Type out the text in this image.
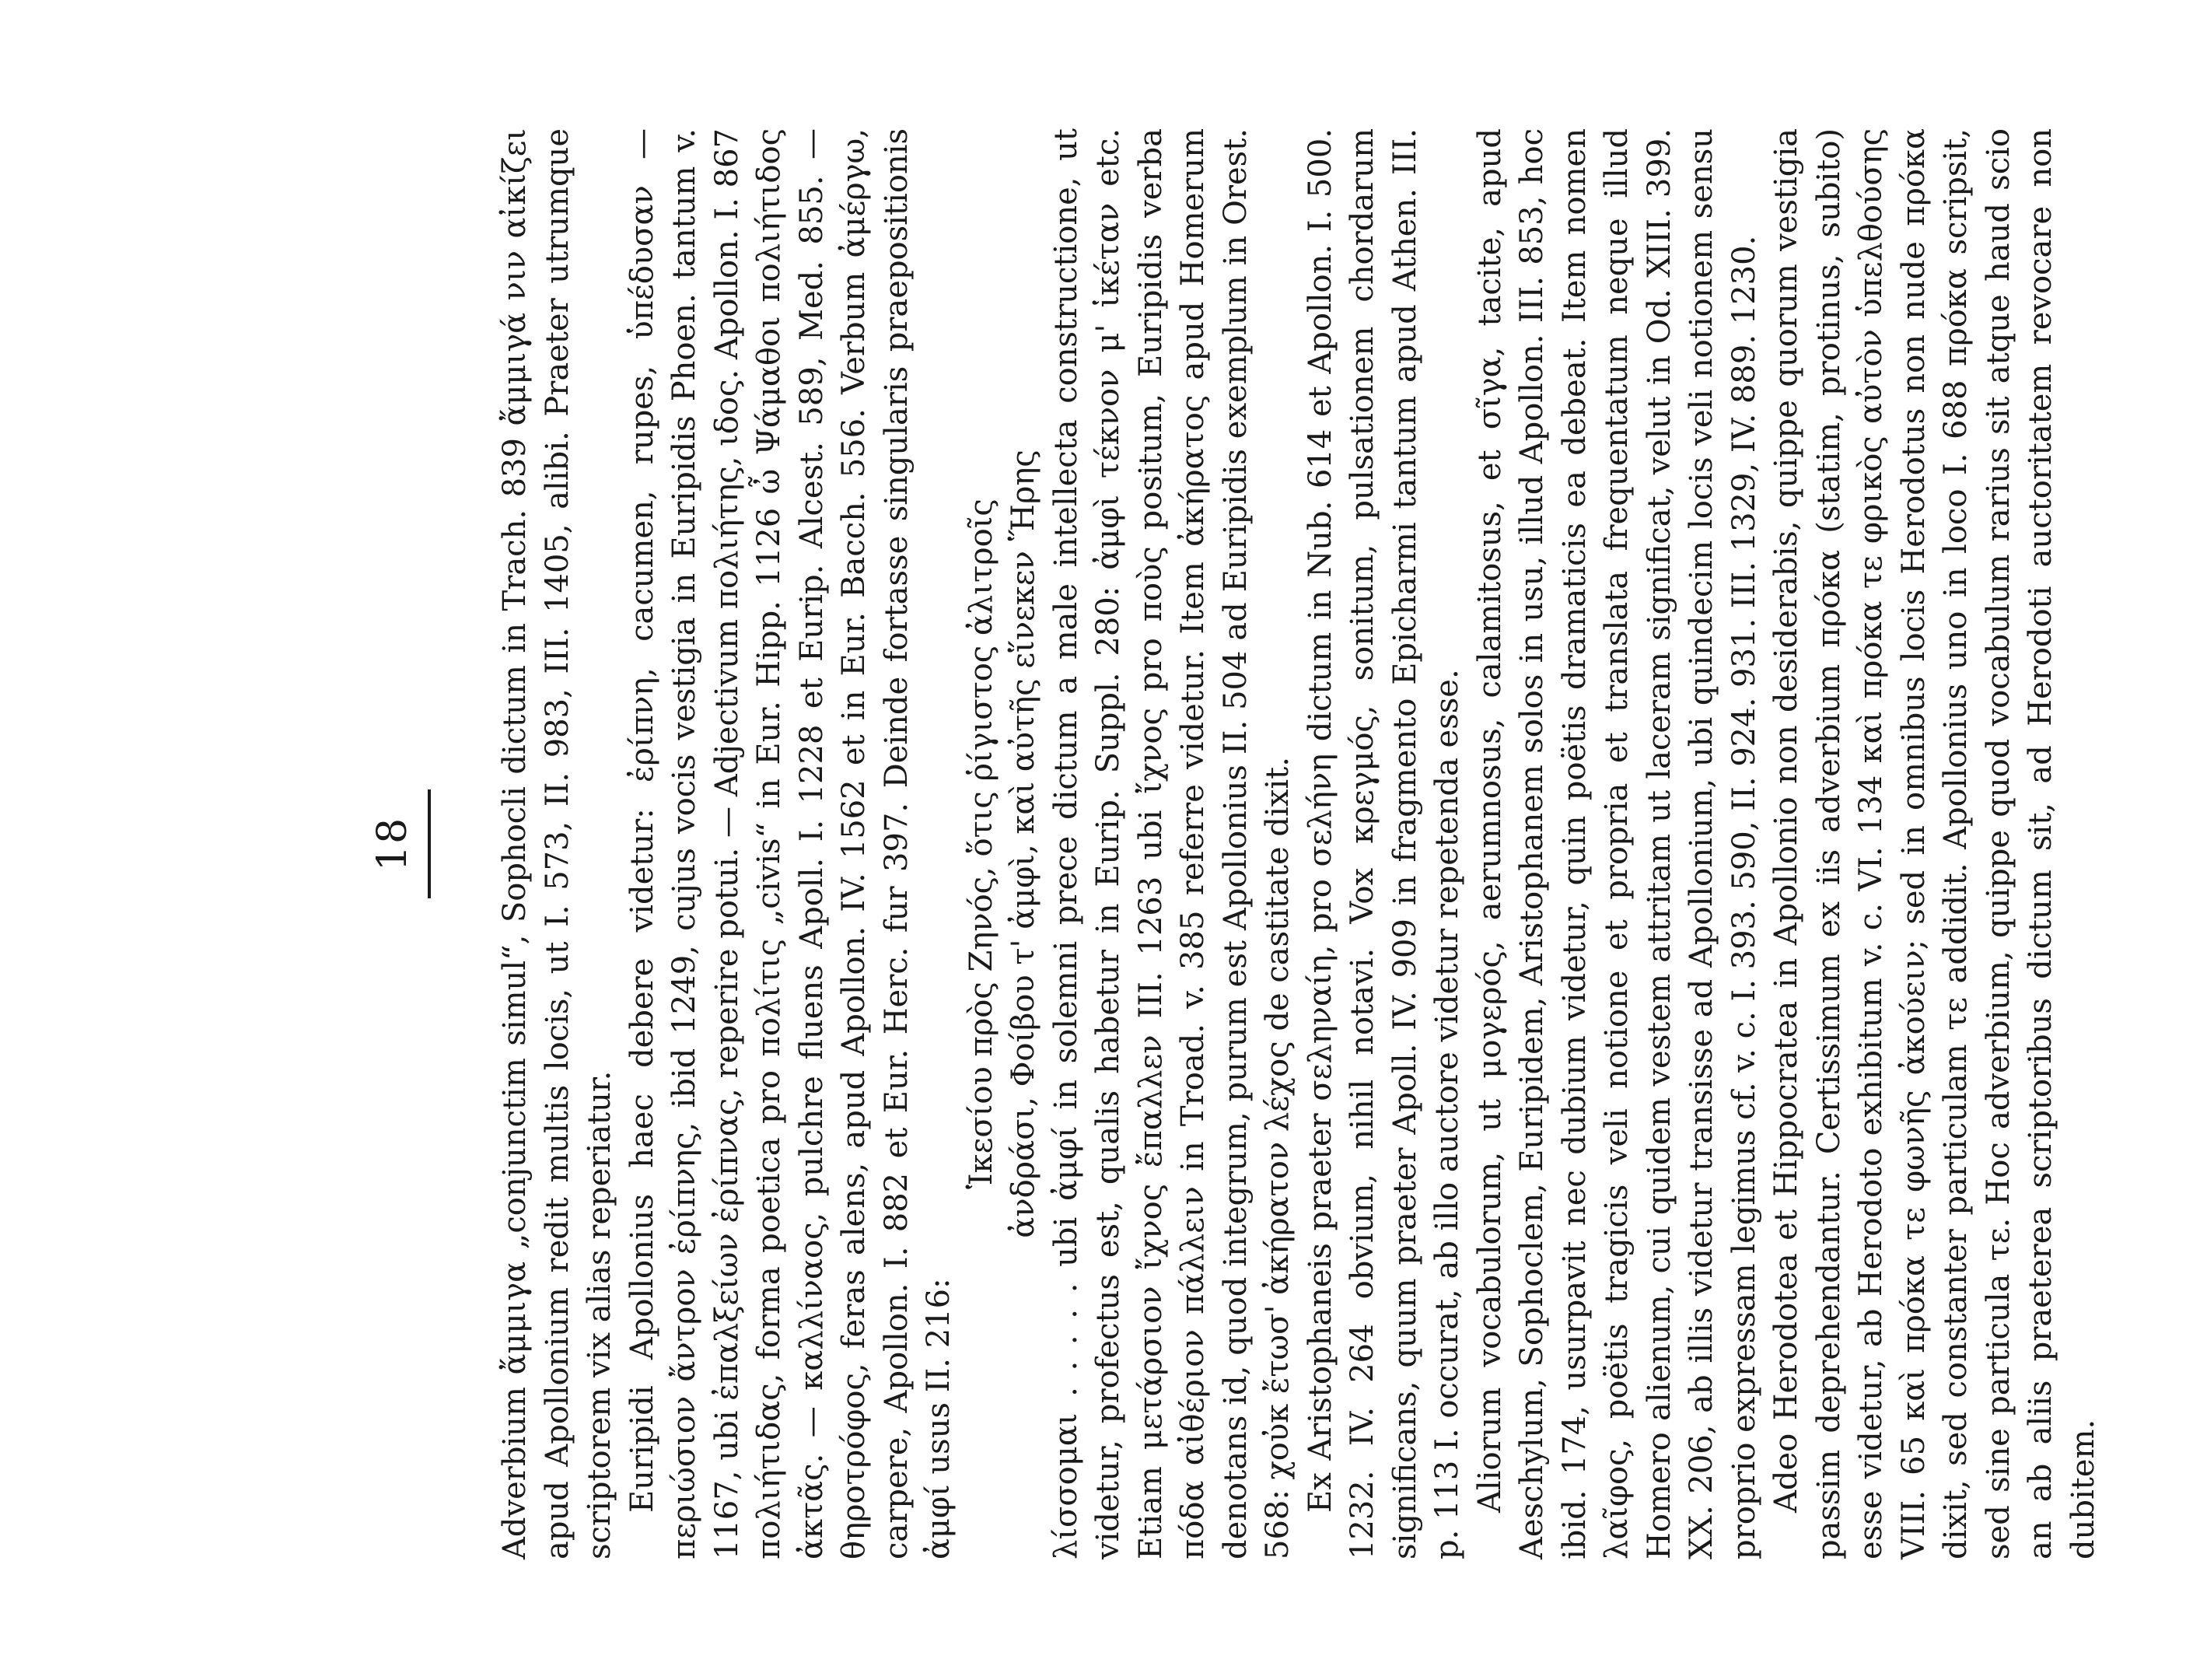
18	Adverbium ἄμμιγα „conjunctim simul“, Sophocli dictum in Trach. 839 ἄμμιγά νιν αἰκίζει apud Apollonium redit multis locis, ut I. 573, II. 983, III. 1405, alibi. Praeter utrumque scriptorem vix alias reperiatur. Euripidi Apollonius haec debere videtur: ἐρίπνη, cacumen, rupes, ὑπέδυσαν — περιώσιον ἄντρον ἐρίπνης, ibid 1249, cujus vocis vestigia in Euripidis Phoen. tantum v. 1167, ubi ἐπαλξείων ἐρίπνας, reperire potui. — Adjectivum πολιήτης, ιδος. Apollon. I. 867 πολιήτιδας, forma poetica pro πολίτις „civis“ in Eur. Hipp. 1126 ὦ Ψάμαθοι πολιήτιδος ἀκτᾶς. — καλλίναος, pulchre fluens Apoll. I. 1228 et Eurip. Alcest. 589, Med. 855. — θηροτρόφος, feras alens, apud Apollon. IV. 1562 et in Eur. Bacch. 556. Verbum ἀμέργω, carpere, Apollon. I. 882 et Eur. Herc. fur 397. Deinde fortasse singularis praepositionis ἀμφί usus II. 216:

Ἱκεσίου πρὸς Ζηνός, ὅτις ῥίγιστος ἀλιτροῖς ἀνδράσι, Φοίβου τ' ἀμφὶ, καὶ αὐτῆς εἵνεκεν Ἥρης λίσσομαι . . . . . ubi ἀμφί in solemni prece dictum a male intellecta constructione, ut videtur, profectus est, qualis habetur in Eurip. Suppl. 280: ἀμφὶ τέκνον μ' ἱκέταν etc. Etiam μετάρσιον ἴχνος ἔπαλλεν III. 1263 ubi ἴχνος pro ποὺς positum, Euripidis verba πόδα αἰθέριον πάλλειν in Troad. v. 385 referre videtur. Item ἀκήρατος apud Homerum denotans id, quod integrum, purum est Apollonius II. 504 ad Euripidis exemplum in Orest. 568: χοὐκ ἔτωσ' ἀκήρατον λέχος de castitate dixit. Ex Aristophaneis praeter σεληναίη, pro σελήνη dictum in Nub. 614 et Apollon. I. 500. 1232. IV. 264 obvium, nihil notavi. Vox κρεγμός, sonitum, pulsationem chordarum significans, quum praeter Apoll. IV. 909 in fragmento Epicharmi tantum apud Athen. III. p. 113 I. occurat, ab illo auctore videtur repetenda esse. Aliorum vocabulorum, ut μογερός, aerumnosus, calamitosus, et σῖγα, tacite, apud Aeschylum, Sophoclem, Euripidem, Aristophanem solos in usu, illud Apollon. III. 853, hoc ibid. 174, usurpavit nec dubium videtur, quin poëtis dramaticis ea debeat. Item nomen λαῖφος, poëtis tragicis veli notione et propria et translata frequentatum neque illud Homero alienum, cui quidem vestem attritam ut laceram significat, velut in Od. XIII. 399. XX. 206, ab illis videtur transisse ad Apollonium, ubi quindecim locis veli notionem sensu proprio expressam legimus cf. v. c. I. 393. 590, II. 924. 931. III. 1329, IV. 889. 1230. Adeo Herodotea et Hippocratea in Apollonio non desiderabis, quippe quorum vestigia passim deprehendantur. Certissimum ex iis adverbium πρόκα (statim, protinus, subito) esse videtur, ab Herodoto exhibitum v. c. VI. 134 καὶ πρόκα τε φρικὸς αὐτὸν ὑπελθούσης VIII. 65 καὶ πρόκα τε φωνῆς ἀκούειν; sed in omnibus locis Herodotus non nude πρόκα dixit, sed constanter particulam τε addidit. Apollonius uno in loco I. 688 πρόκα scripsit, sed sine particula τε. Hoc adverbium, quippe quod vocabulum rarius sit atque haud scio an ab aliis praeterea scriptoribus dictum sit, ad Herodoti auctoritatem revocare non dubitem.
